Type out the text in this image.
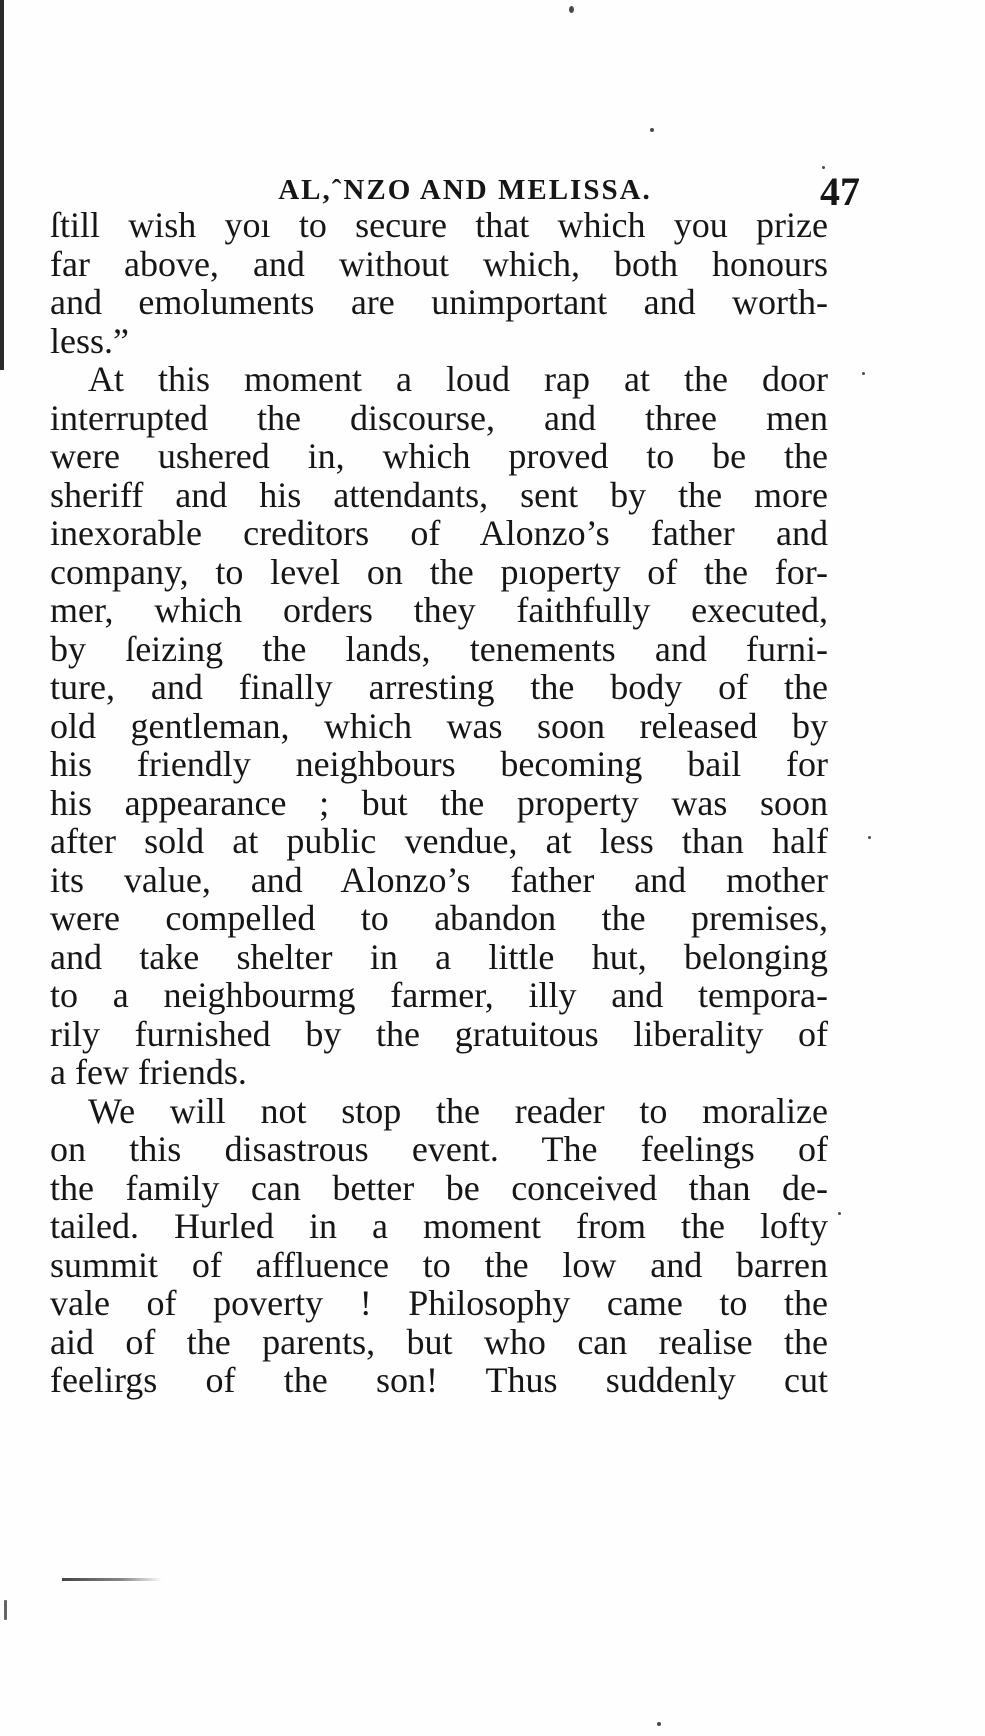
AL,ˆNZO AND MELISSA.	47
ſtill wish yoı to secure that which you prize
far above, and without which, both honours
and emoluments are unimportant and worth-
less.”
At this moment a loud rap at the door
interrupted the discourse, and three men
were ushered in, which proved to be the
sheriff and his attendants, sent by the more
inexorable creditors of Alonzo’s father and
company, to level on the pıoperty of the for-
mer, which orders they faithfully executed,
by ſeizing the lands, tenements and furni-
ture, and finally arresting the body of the
old gentleman, which was soon released by
his friendly neighbours becoming bail for
his appearance ; but the property was soon
after sold at public vendue, at less than half
its value, and Alonzo’s father and mother
were compelled to abandon the premises,
and take shelter in a little hut, belonging
to a neighbourmg farmer, illy and tempora-
rily furnished by the gratuitous liberality of
a few friends.
We will not stop the reader to moralize
on this disastrous event. The feelings of
the family can better be conceived than de-
tailed. Hurled in a moment from the lofty
summit of affluence to the low and barren
vale of poverty ! Philosophy came to the
aid of the parents, but who can realise the
feelirgs of the son! Thus suddenly cut
